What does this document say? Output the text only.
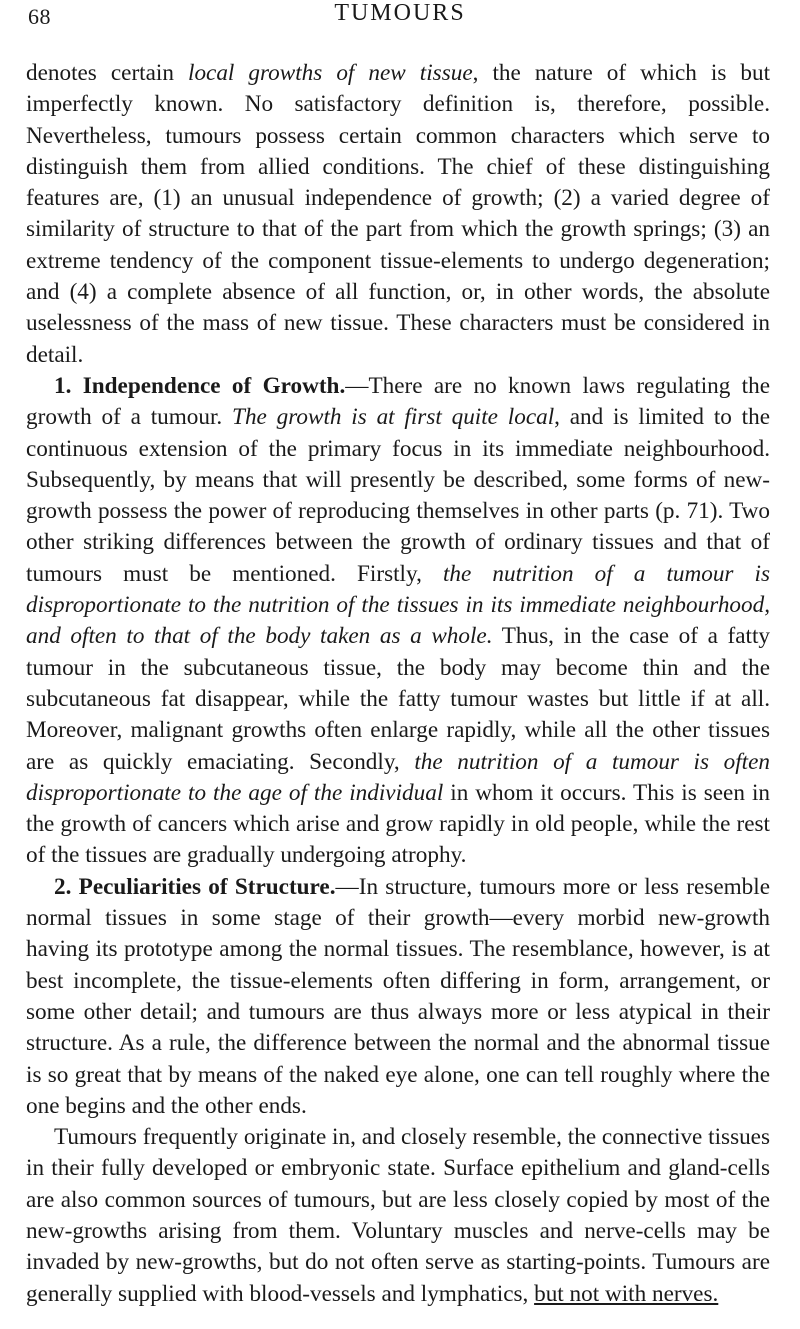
68	TUMOURS

denotes certain local growths of new tissue, the nature of which is but imperfectly known. No satisfactory definition is, therefore, possible. Nevertheless, tumours possess certain common characters which serve to distinguish them from allied conditions. The chief of these distinguishing features are, (1) an unusual independence of growth; (2) a varied degree of similarity of structure to that of the part from which the growth springs; (3) an extreme tendency of the component tissue-elements to undergo degeneration; and (4) a complete absence of all function, or, in other words, the absolute uselessness of the mass of new tissue. These characters must be considered in detail.

1. Independence of Growth.—There are no known laws regulating the growth of a tumour. The growth is at first quite local, and is limited to the continuous extension of the primary focus in its immediate neighbourhood. Subsequently, by means that will presently be described, some forms of new-growth possess the power of reproducing themselves in other parts (p. 71). Two other striking differences between the growth of ordinary tissues and that of tumours must be mentioned. Firstly, the nutrition of a tumour is disproportionate to the nutrition of the tissues in its immediate neighbourhood, and often to that of the body taken as a whole. Thus, in the case of a fatty tumour in the subcutaneous tissue, the body may become thin and the subcutaneous fat disappear, while the fatty tumour wastes but little if at all. Moreover, malignant growths often enlarge rapidly, while all the other tissues are as quickly emaciating. Secondly, the nutrition of a tumour is often disproportionate to the age of the individual in whom it occurs. This is seen in the growth of cancers which arise and grow rapidly in old people, while the rest of the tissues are gradually undergoing atrophy.

2. Peculiarities of Structure.—In structure, tumours more or less resemble normal tissues in some stage of their growth—every morbid new-growth having its prototype among the normal tissues. The resemblance, however, is at best incomplete, the tissue-elements often differing in form, arrangement, or some other detail; and tumours are thus always more or less atypical in their structure. As a rule, the difference between the normal and the abnormal tissue is so great that by means of the naked eye alone, one can tell roughly where the one begins and the other ends.

Tumours frequently originate in, and closely resemble, the connective tissues in their fully developed or embryonic state. Surface epithelium and gland-cells are also common sources of tumours, but are less closely copied by most of the new-growths arising from them. Voluntary muscles and nerve-cells may be invaded by new-growths, but do not often serve as starting-points. Tumours are generally supplied with blood-vessels and lymphatics, but not with nerves.
